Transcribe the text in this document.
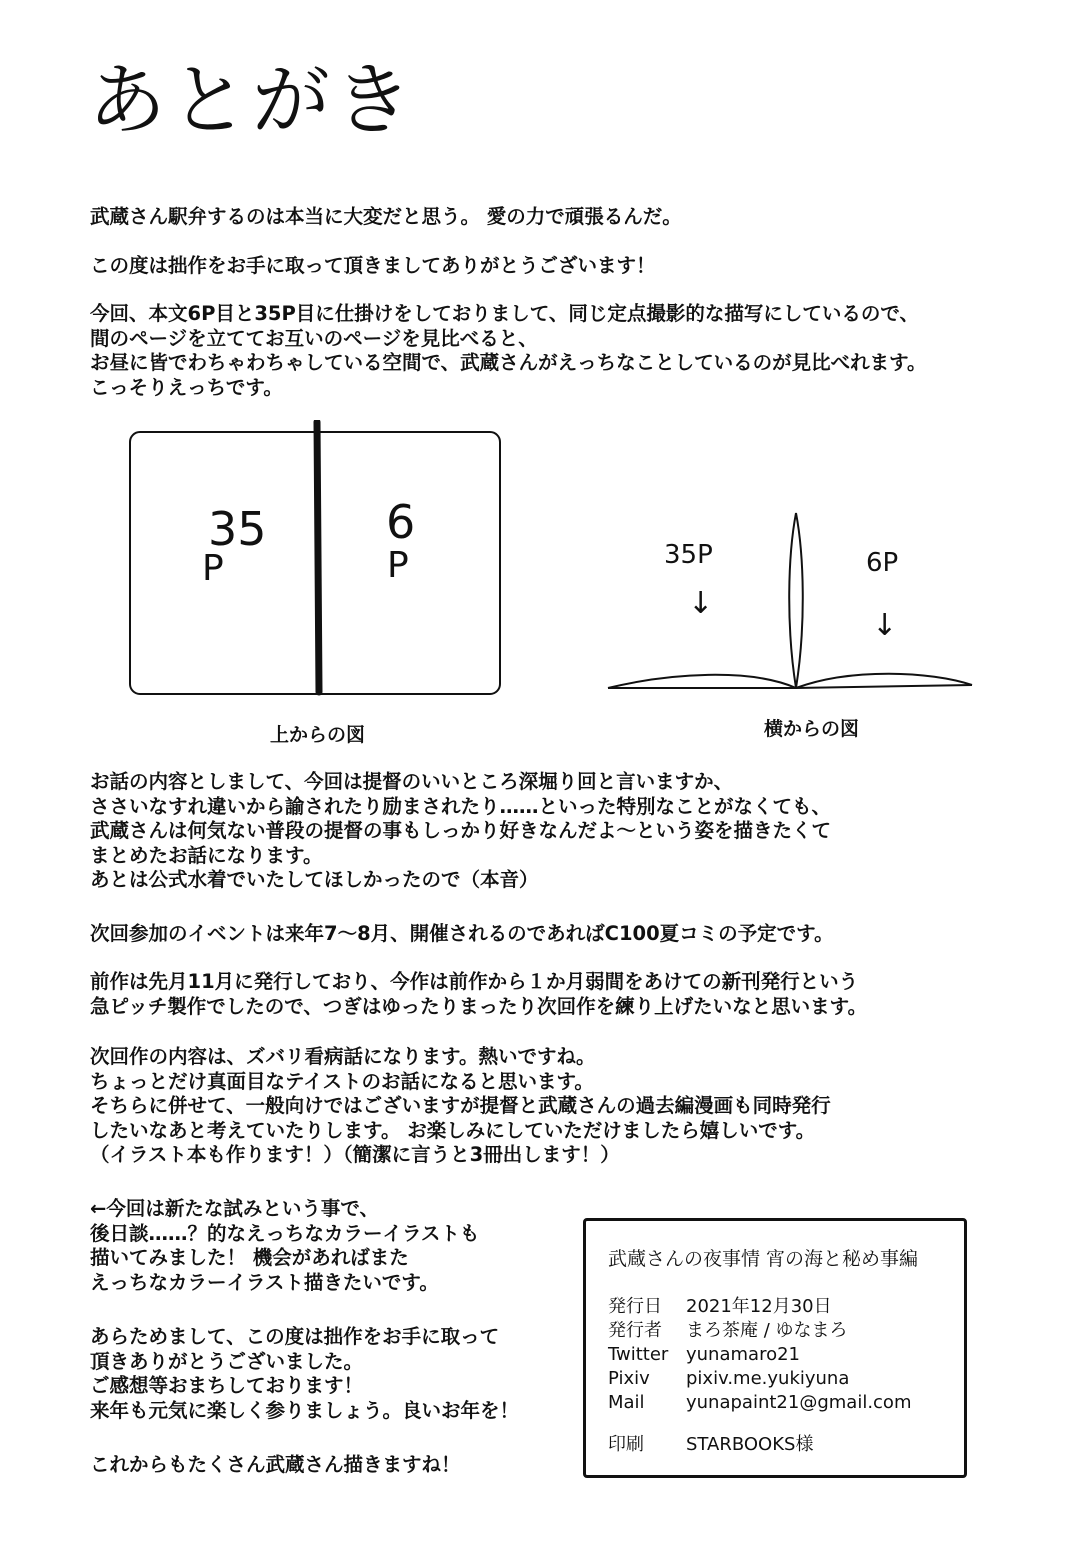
あとがき
武蔵さん駅弁するのは本当に大変だと思う。 愛の力で頑張るんだ。
この度は拙作をお手に取って頂きましてありがとうございます！
今回、本文6P目と35P目に仕掛けをしておりまして、同じ定点撮影的な描写にしているので、
間のページを立ててお互いのページを見比べると、
お昼に皆でわちゃわちゃしている空間で、武蔵さんがえっちなことしているのが見比べれます。
こっそりえっちです。
35
P
6
P
上からの図
35P
↓
6P
↓
横からの図
お話の内容としまして、今回は提督のいいところ深堀り回と言いますか、
ささいなすれ違いから諭されたり励まされたり……といった特別なことがなくても、
武蔵さんは何気ない普段の提督の事もしっかり好きなんだよ～という姿を描きたくて
まとめたお話になります。
あとは公式水着でいたしてほしかったので（本音）
次回参加のイベントは来年7～8月、開催されるのであればC100夏コミの予定です。
前作は先月11月に発行しており、今作は前作から１か月弱間をあけての新刊発行という
急ピッチ製作でしたので、つぎはゆったりまったり次回作を練り上げたいなと思います。
次回作の内容は、ズバリ看病話になります。熱いですね。
ちょっとだけ真面目なテイストのお話になると思います。
そちらに併せて、一般向けではございますが提督と武蔵さんの過去編漫画も同時発行
したいなあと考えていたりします。 お楽しみにしていただけましたら嬉しいです。
（イラスト本も作ります！）（簡潔に言うと3冊出します！）
←今回は新たな試みという事で、
後日談……？的なえっちなカラーイラストも
描いてみました！ 機会があればまた
えっちなカラーイラスト描きたいです。
あらためまして、この度は拙作をお手に取って
頂きありがとうございました。
ご感想等おまちしております！
来年も元気に楽しく参りましょう。良いお年を！
これからもたくさん武蔵さん描きますね！
武蔵さんの夜事情 宵の海と秘め事編
発行日 2021年12月30日
発行者 まろ茶庵 / ゆなまろ
Twitter yunamaro21
Pixiv pixiv.me.yukiyuna
Mail yunapaint21@gmail.com
印刷 STARBOOKS様
